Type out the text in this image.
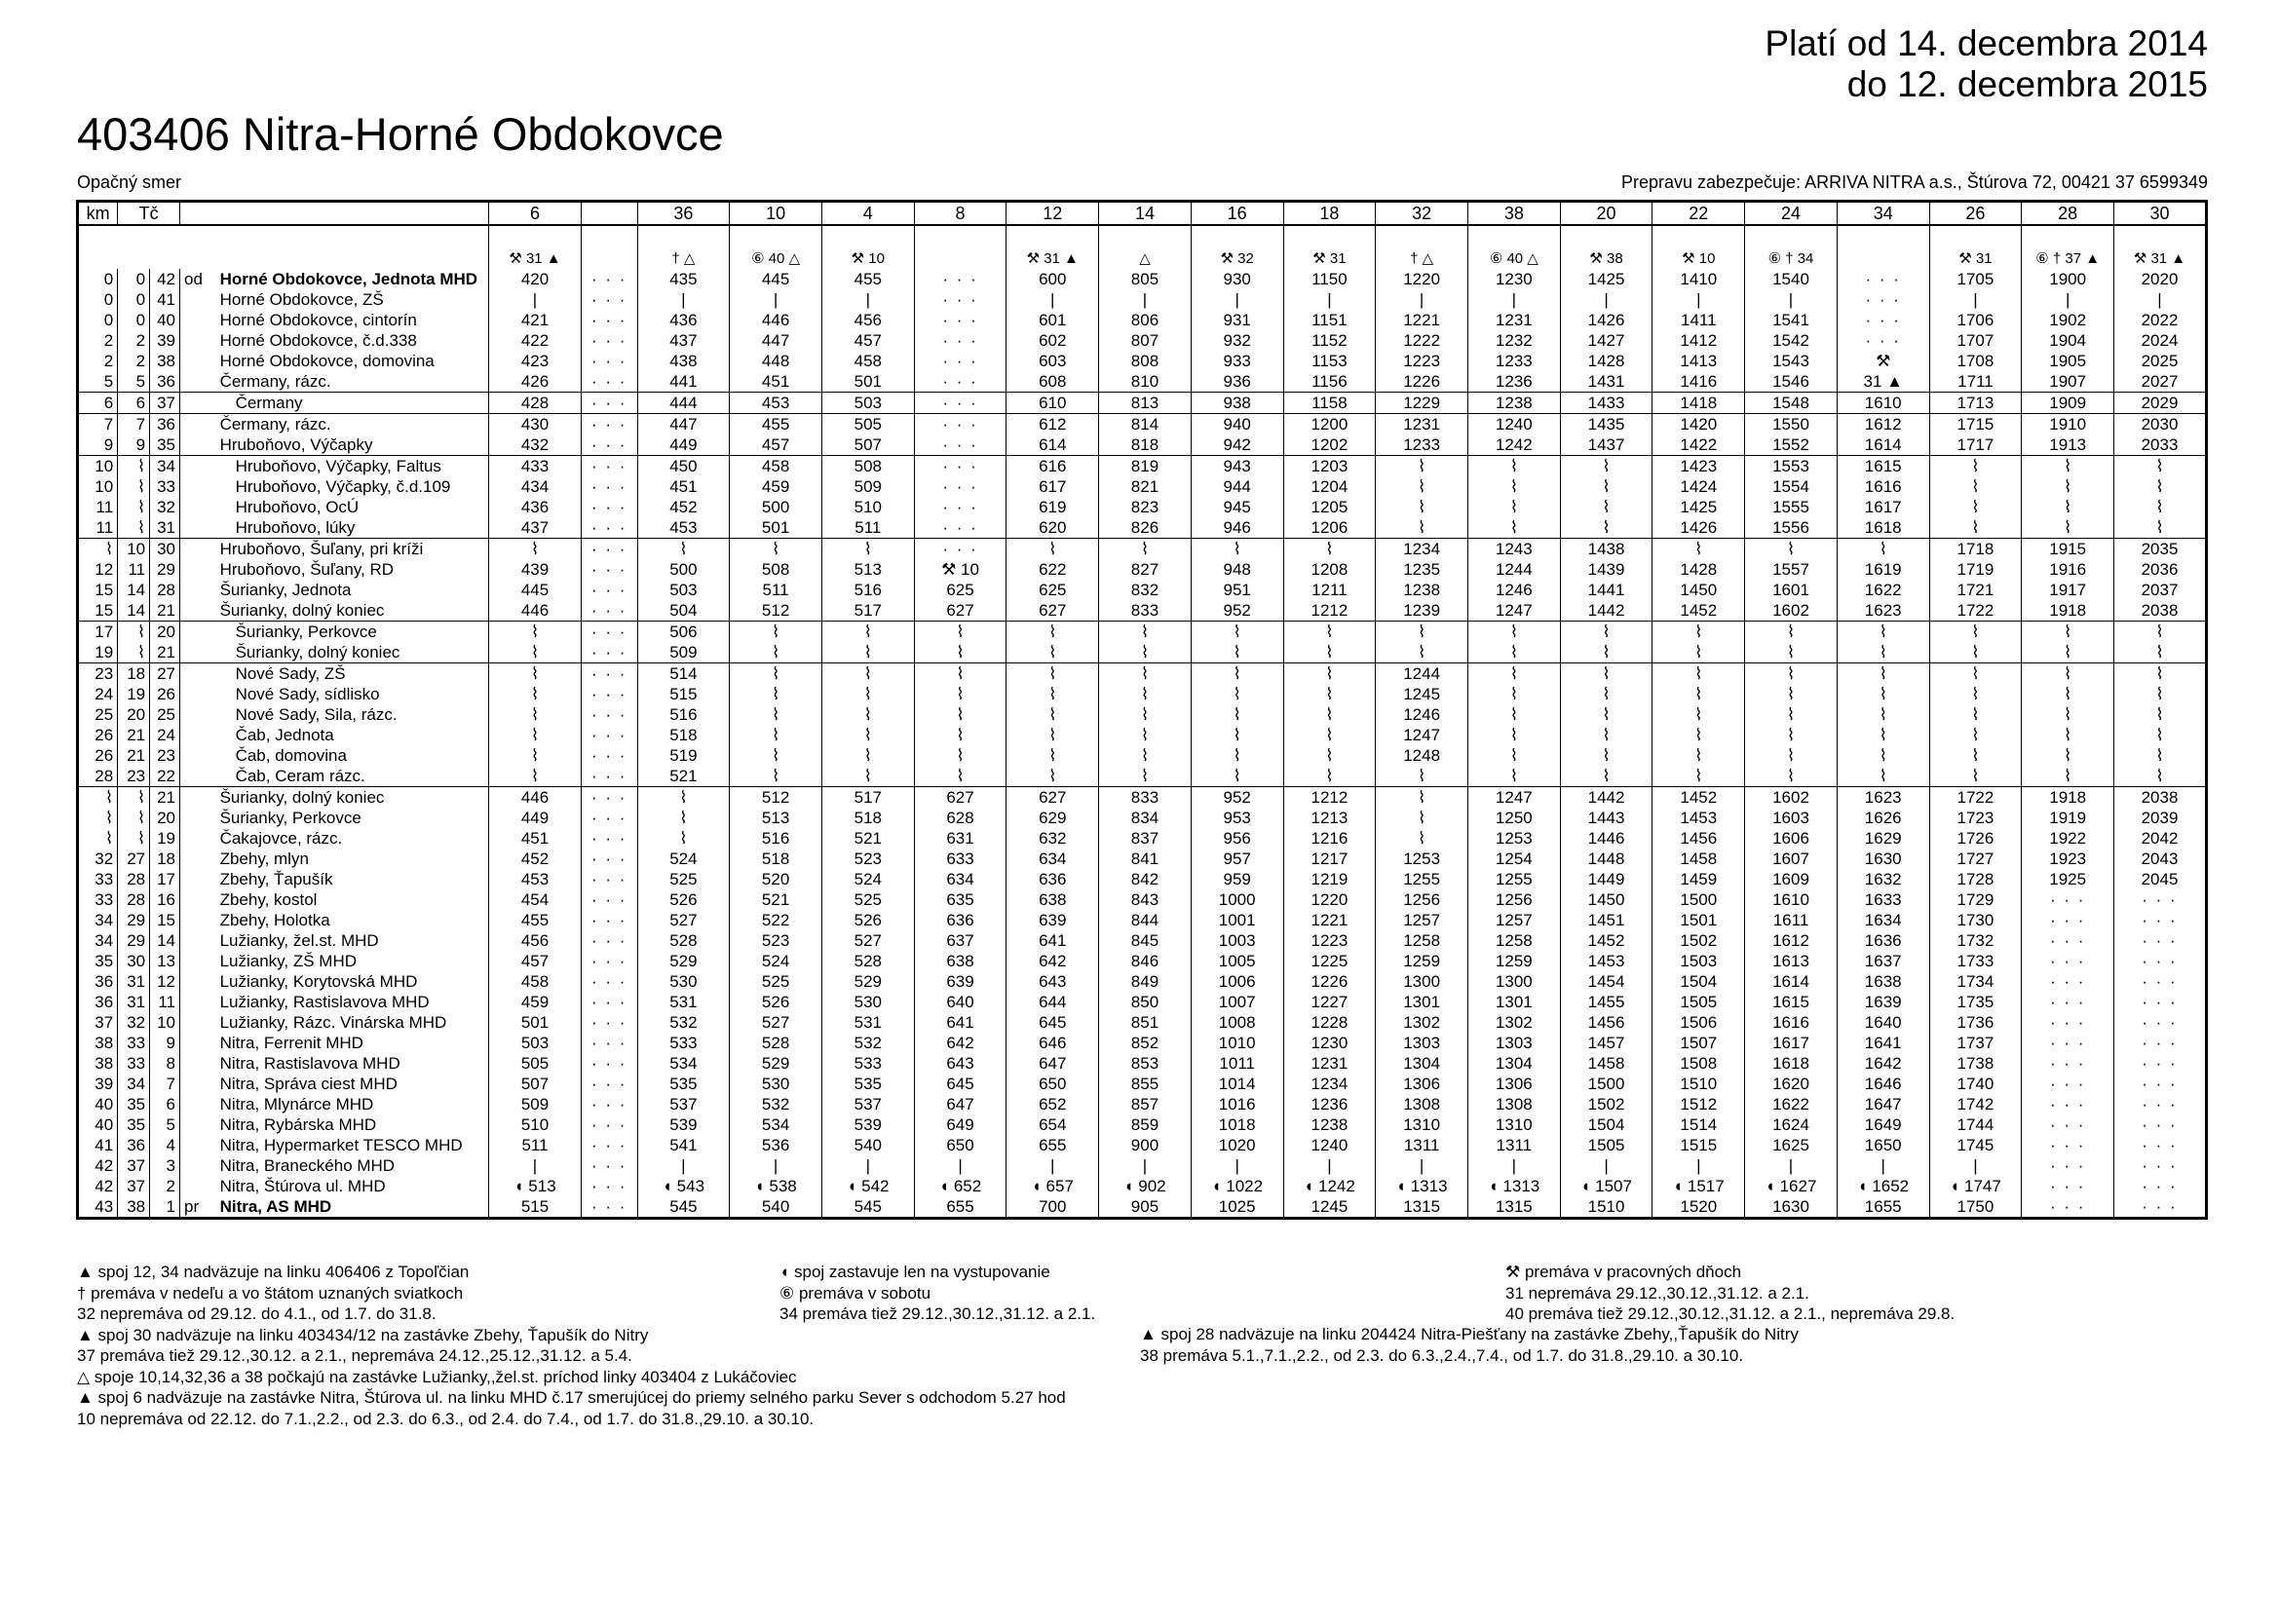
Platí od 14. decembra 2014
do 12. decembra 2015
403406 Nitra-Horné Obdokovce
Opačný smer	Prepravu zabezpečuje: ARRIVA NITRA a.s., Štúrova 72, 00421 37 6599349
km	Tč				6		36	10	4	8	12	14	16	18	32	38	20	22	24	34	26	28	30
					⚒ 31 ▲		† △	⑥ 40 △	⚒ 10		⚒ 31 ▲	△	⚒ 32	⚒ 31	† △	⑥ 40 △	⚒ 38	⚒ 10	⑥ † 34		⚒ 31	⑥ † 37 ▲	⚒ 31 ▲
0	0	42	od	Horné Obdokovce, Jednota MHD	420	· · ·	435	445	455	· · ·	600	805	930	1150	1220	1230	1425	1410	1540	· · ·	1705	1900	2020
0	0	41		Horné Obdokovce, ZŠ	|	· · ·	|	|	|	· · ·	|	|	|	|	|	|	|	|	|	· · ·	|	|	|
0	0	40		Horné Obdokovce, cintorín	421	· · ·	436	446	456	· · ·	601	806	931	1151	1221	1231	1426	1411	1541	· · ·	1706	1902	2022
2	2	39		Horné Obdokovce, č.d.338	422	· · ·	437	447	457	· · ·	602	807	932	1152	1222	1232	1427	1412	1542	· · ·	1707	1904	2024
2	2	38		Horné Obdokovce, domovina	423	· · ·	438	448	458	· · ·	603	808	933	1153	1223	1233	1428	1413	1543	⚒	1708	1905	2025
5	5	36		Čermany, rázc.	426	· · ·	441	451	501	· · ·	608	810	936	1156	1226	1236	1431	1416	1546	31 ▲	1711	1907	2027
6	6	37		Čermany	428	· · ·	444	453	503	· · ·	610	813	938	1158	1229	1238	1433	1418	1548	1610	1713	1909	2029
7	7	36		Čermany, rázc.	430	· · ·	447	455	505	· · ·	612	814	940	1200	1231	1240	1435	1420	1550	1612	1715	1910	2030
9	9	35		Hruboňovo, Výčapky	432	· · ·	449	457	507	· · ·	614	818	942	1202	1233	1242	1437	1422	1552	1614	1717	1913	2033
10	⌇	34		Hruboňovo, Výčapky, Faltus	433	· · ·	450	458	508	· · ·	616	819	943	1203	⌇	⌇	⌇	1423	1553	1615	⌇	⌇	⌇
10	⌇	33		Hruboňovo, Výčapky, č.d.109	434	· · ·	451	459	509	· · ·	617	821	944	1204	⌇	⌇	⌇	1424	1554	1616	⌇	⌇	⌇
11	⌇	32		Hruboňovo, OcÚ	436	· · ·	452	500	510	· · ·	619	823	945	1205	⌇	⌇	⌇	1425	1555	1617	⌇	⌇	⌇
11	⌇	31		Hruboňovo, lúky	437	· · ·	453	501	511	· · ·	620	826	946	1206	⌇	⌇	⌇	1426	1556	1618	⌇	⌇	⌇
⌇	10	30		Hruboňovo, Šuľany, pri kríži	⌇	· · ·	⌇	⌇	⌇	· · ·	⌇	⌇	⌇	⌇	1234	1243	1438	⌇	⌇	⌇	1718	1915	2035
12	11	29		Hruboňovo, Šuľany, RD	439	· · ·	500	508	513	⚒ 10	622	827	948	1208	1235	1244	1439	1428	1557	1619	1719	1916	2036
15	14	28		Šurianky, Jednota	445	· · ·	503	511	516	625	625	832	951	1211	1238	1246	1441	1450	1601	1622	1721	1917	2037
15	14	21		Šurianky, dolný koniec	446	· · ·	504	512	517	627	627	833	952	1212	1239	1247	1442	1452	1602	1623	1722	1918	2038
17	⌇	20		Šurianky, Perkovce	⌇	· · ·	506	⌇	⌇	⌇	⌇	⌇	⌇	⌇	⌇	⌇	⌇	⌇	⌇	⌇	⌇	⌇	⌇
19	⌇	21		Šurianky, dolný koniec	⌇	· · ·	509	⌇	⌇	⌇	⌇	⌇	⌇	⌇	⌇	⌇	⌇	⌇	⌇	⌇	⌇	⌇	⌇
23	18	27		Nové Sady, ZŠ	⌇	· · ·	514	⌇	⌇	⌇	⌇	⌇	⌇	⌇	1244	⌇	⌇	⌇	⌇	⌇	⌇	⌇	⌇
24	19	26		Nové Sady, sídlisko	⌇	· · ·	515	⌇	⌇	⌇	⌇	⌇	⌇	⌇	1245	⌇	⌇	⌇	⌇	⌇	⌇	⌇	⌇
25	20	25		Nové Sady, Sila, rázc.	⌇	· · ·	516	⌇	⌇	⌇	⌇	⌇	⌇	⌇	1246	⌇	⌇	⌇	⌇	⌇	⌇	⌇	⌇
26	21	24		Čab, Jednota	⌇	· · ·	518	⌇	⌇	⌇	⌇	⌇	⌇	⌇	1247	⌇	⌇	⌇	⌇	⌇	⌇	⌇	⌇
26	21	23		Čab, domovina	⌇	· · ·	519	⌇	⌇	⌇	⌇	⌇	⌇	⌇	1248	⌇	⌇	⌇	⌇	⌇	⌇	⌇	⌇
28	23	22		Čab, Ceram rázc.	⌇	· · ·	521	⌇	⌇	⌇	⌇	⌇	⌇	⌇	⌇	⌇	⌇	⌇	⌇	⌇	⌇	⌇	⌇
⌇	⌇	21		Šurianky, dolný koniec	446	· · ·	⌇	512	517	627	627	833	952	1212	⌇	1247	1442	1452	1602	1623	1722	1918	2038
⌇	⌇	20		Šurianky, Perkovce	449	· · ·	⌇	513	518	628	629	834	953	1213	⌇	1250	1443	1453	1603	1626	1723	1919	2039
⌇	⌇	19		Čakajovce, rázc.	451	· · ·	⌇	516	521	631	632	837	956	1216	⌇	1253	1446	1456	1606	1629	1726	1922	2042
32	27	18		Zbehy, mlyn	452	· · ·	524	518	523	633	634	841	957	1217	1253	1254	1448	1458	1607	1630	1727	1923	2043
33	28	17		Zbehy, Ťapušík	453	· · ·	525	520	524	634	636	842	959	1219	1255	1255	1449	1459	1609	1632	1728	1925	2045
33	28	16		Zbehy, kostol	454	· · ·	526	521	525	635	638	843	1000	1220	1256	1256	1450	1500	1610	1633	1729	· · ·	· · ·
34	29	15		Zbehy, Holotka	455	· · ·	527	522	526	636	639	844	1001	1221	1257	1257	1451	1501	1611	1634	1730	· · ·	· · ·
34	29	14		Lužianky, žel.st. MHD	456	· · ·	528	523	527	637	641	845	1003	1223	1258	1258	1452	1502	1612	1636	1732	· · ·	· · ·
35	30	13		Lužianky, ZŠ MHD	457	· · ·	529	524	528	638	642	846	1005	1225	1259	1259	1453	1503	1613	1637	1733	· · ·	· · ·
36	31	12		Lužianky, Korytovská MHD	458	· · ·	530	525	529	639	643	849	1006	1226	1300	1300	1454	1504	1614	1638	1734	· · ·	· · ·
36	31	11		Lužianky, Rastislavova MHD	459	· · ·	531	526	530	640	644	850	1007	1227	1301	1301	1455	1505	1615	1639	1735	· · ·	· · ·
37	32	10		Lužianky, Rázc. Vinárska MHD	501	· · ·	532	527	531	641	645	851	1008	1228	1302	1302	1456	1506	1616	1640	1736	· · ·	· · ·
38	33	9		Nitra, Ferrenit MHD	503	· · ·	533	528	532	642	646	852	1010	1230	1303	1303	1457	1507	1617	1641	1737	· · ·	· · ·
38	33	8		Nitra, Rastislavova MHD	505	· · ·	534	529	533	643	647	853	1011	1231	1304	1304	1458	1508	1618	1642	1738	· · ·	· · ·
39	34	7		Nitra, Správa ciest MHD	507	· · ·	535	530	535	645	650	855	1014	1234	1306	1306	1500	1510	1620	1646	1740	· · ·	· · ·
40	35	6		Nitra, Mlynárce MHD	509	· · ·	537	532	537	647	652	857	1016	1236	1308	1308	1502	1512	1622	1647	1742	· · ·	· · ·
40	35	5		Nitra, Rybárska MHD	510	· · ·	539	534	539	649	654	859	1018	1238	1310	1310	1504	1514	1624	1649	1744	· · ·	· · ·
41	36	4		Nitra, Hypermarket TESCO MHD	511	· · ·	541	536	540	650	655	900	1020	1240	1311	1311	1505	1515	1625	1650	1745	· · ·	· · ·
42	37	3		Nitra, Braneckého MHD	|	· · ·	|	|	|	|	|	|	|	|	|	|	|	|	|	|	|	· · ·	· · ·
42	37	2		Nitra, Štúrova ul. MHD	◖ 513	· · ·	◖ 543	◖ 538	◖ 542	◖ 652	◖ 657	◖ 902	◖ 1022	◖ 1242	◖ 1313	◖ 1313	◖ 1507	◖ 1517	◖ 1627	◖ 1652	◖ 1747	· · ·	· · ·
43	38	1	pr	Nitra, AS MHD	515	· · ·	545	540	545	655	700	905	1025	1245	1315	1315	1510	1520	1630	1655	1750	· · ·	· · ·
▲ spoj 12, 34 nadväzuje na linku 406406 z Topoľčian
† premáva v nedeľu a vo štátom uznaných sviatkoch
32 nepremáva od 29.12. do 4.1., od 1.7. do 31.8.
▲ spoj 30 nadväzuje na linku 403434/12 na zastávke Zbehy, Ťapušík do Nitry
37 premáva tiež 29.12.,30.12. a 2.1., nepremáva 24.12.,25.12.,31.12. a 5.4.
△ spoje 10,14,32,36 a 38 počkajú na zastávke Lužianky,,žel.st. príchod linky 403404 z Lukáčoviec
▲ spoj 6 nadväzuje na zastávke Nitra, Štúrova ul. na linku MHD č.17 smerujúcej do priemy selného parku Sever s odchodom 5.27 hod
10 nepremáva od 22.12. do 7.1.,2.2., od 2.3. do 6.3., od 2.4. do 7.4., od 1.7. do 31.8.,29.10. a 30.10.
◖ spoj zastavuje len na vystupovanie
⑥ premáva v sobotu
34 premáva tiež 29.12.,30.12.,31.12. a 2.1.
⚒ premáva v pracovných dňoch
31 nepremáva 29.12.,30.12.,31.12. a 2.1.
40 premáva tiež 29.12.,30.12.,31.12. a 2.1., nepremáva 29.8.
▲ spoj 28 nadväzuje na linku 204424 Nitra-Piešťany na zastávke Zbehy,,Ťapušík do Nitry
38 premáva 5.1.,7.1.,2.2., od 2.3. do 6.3.,2.4.,7.4., od 1.7. do 31.8.,29.10. a 30.10.
